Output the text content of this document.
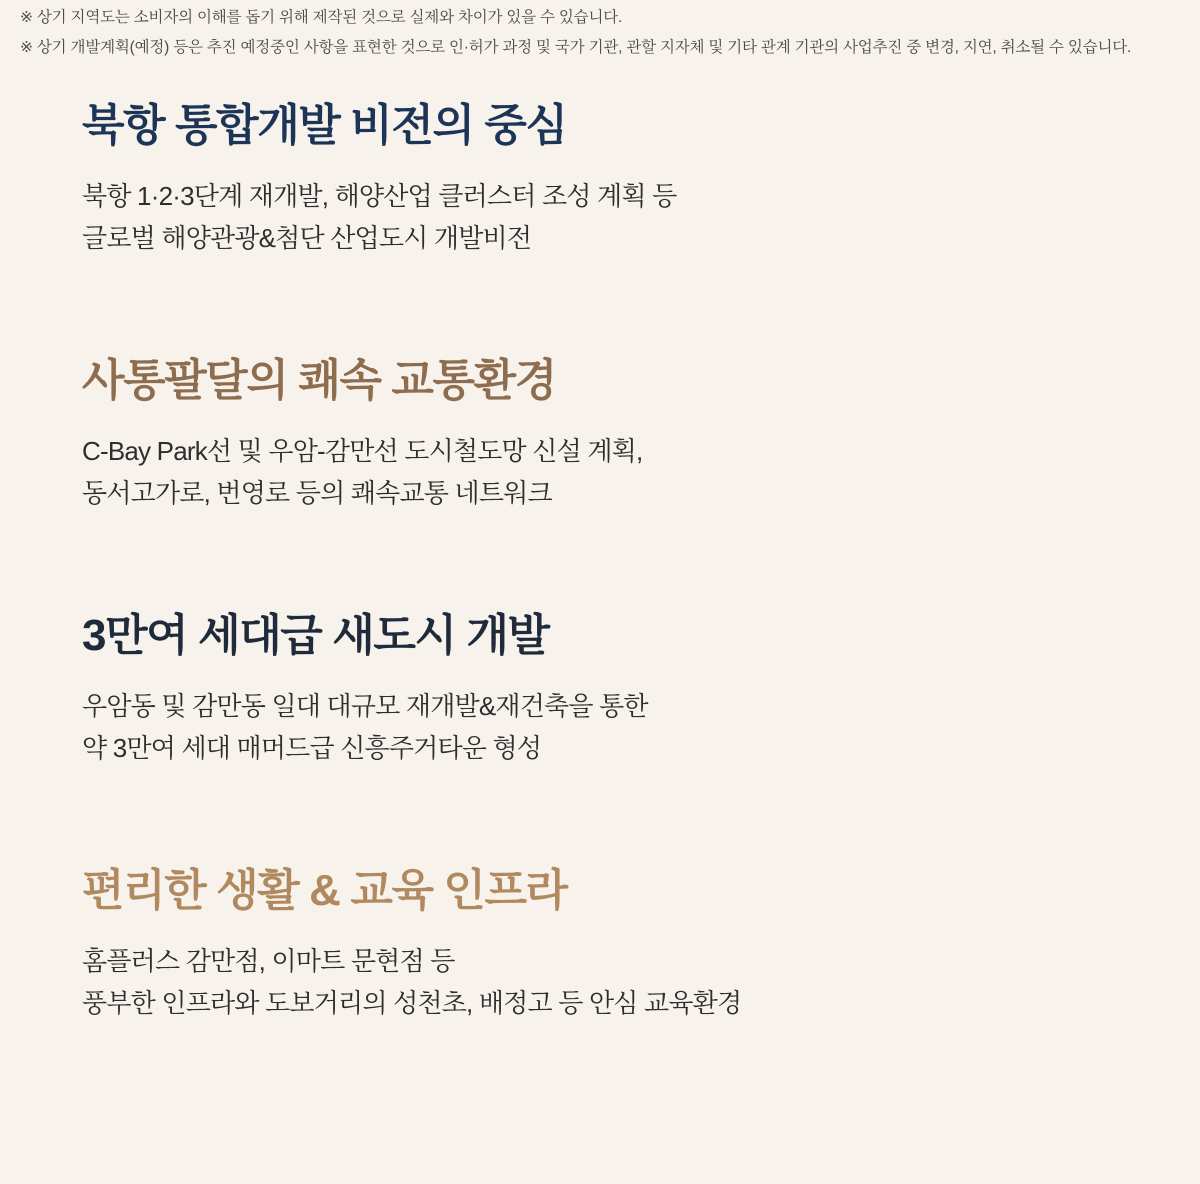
※ 상기 지역도는 소비자의 이해를 돕기 위해 제작된 것으로 실제와 차이가 있을 수 있습니다.

※ 상기 개발계획(예정) 등은 추진 예정중인 사항을 표현한 것으로 인·허가 과정 및 국가 기관, 관할 지자체 및 기타 관계 기관의 사업추진 중 변경, 지연, 취소될 수 있습니다.

북항 통합개발 비전의 중심

북항 1·2·3단계 재개발, 해양산업 클러스터 조성 계획 등
글로벌 해양관광&첨단 산업도시 개발비전

사통팔달의 쾌속 교통환경

C-Bay Park선 및 우암-감만선 도시철도망 신설 계획,
동서고가로, 번영로 등의 쾌속교통 네트워크

3만여 세대급 새도시 개발

우암동 및 감만동 일대 대규모 재개발&재건축을 통한
약 3만여 세대 매머드급 신흥주거타운 형성

편리한 생활 & 교육 인프라

홈플러스 감만점, 이마트 문현점 등
풍부한 인프라와 도보거리의 성천초, 배정고 등 안심 교육환경
